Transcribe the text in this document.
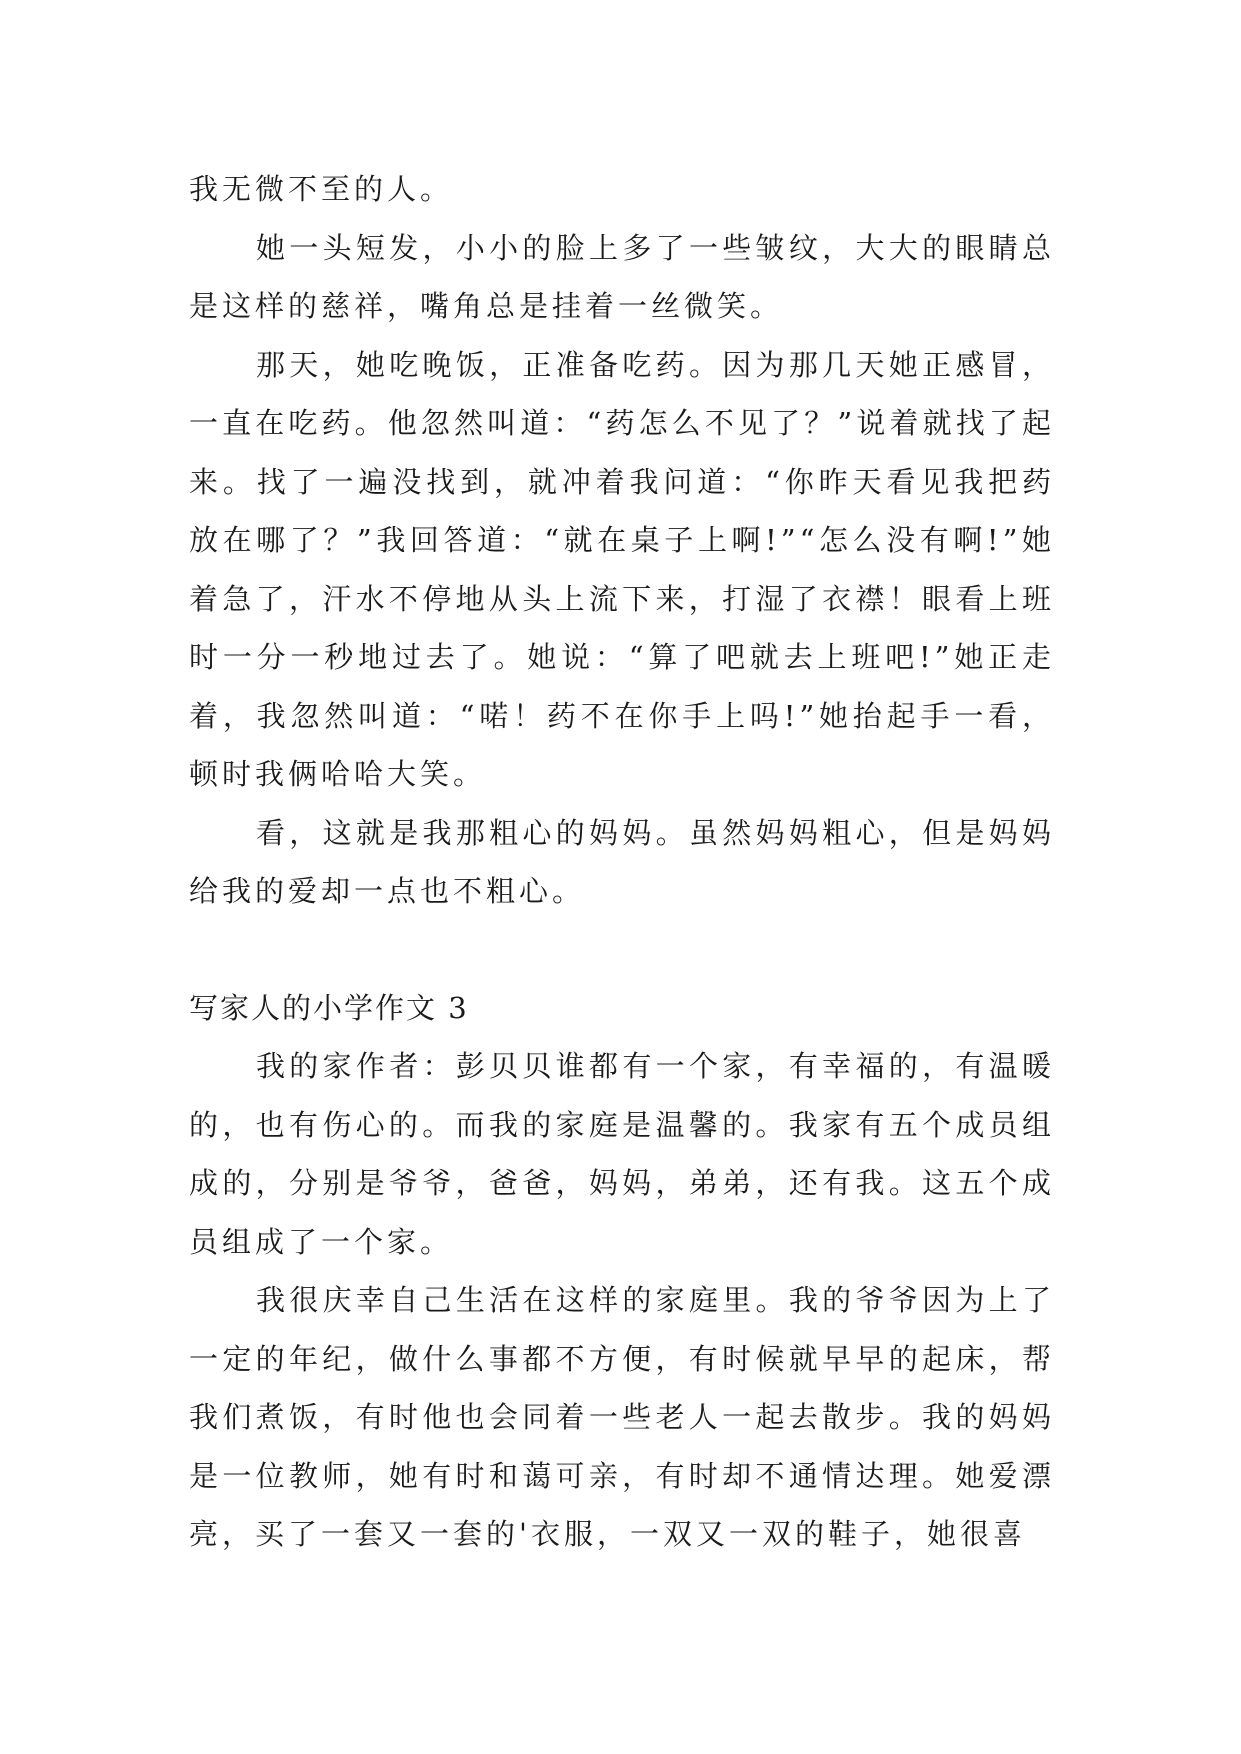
我无微不至的人。

她一头短发，小小的脸上多了一些皱纹，大大的眼睛总是这样的慈祥，嘴角总是挂着一丝微笑。

那天，她吃晚饭，正准备吃药。因为那几天她正感冒，一直在吃药。他忽然叫道：“药怎么不见了？”说着就找了起来。找了一遍没找到，就冲着我问道：“你昨天看见我把药放在哪了？”我回答道：“就在桌子上啊!”“怎么没有啊!”她着急了，汗水不停地从头上流下来，打湿了衣襟！眼看上班时一分一秒地过去了。她说：“算了吧就去上班吧!”她正走着，我忽然叫道：“喏！药不在你手上吗!”她抬起手一看，顿时我俩哈哈大笑。

看，这就是我那粗心的妈妈。虽然妈妈粗心，但是妈妈给我的爱却一点也不粗心。

写家人的小学作文 3

我的家作者：彭贝贝谁都有一个家，有幸福的，有温暖的，也有伤心的。而我的家庭是温馨的。我家有五个成员组成的，分别是爷爷，爸爸，妈妈，弟弟，还有我。这五个成员组成了一个家。

我很庆幸自己生活在这样的家庭里。我的爷爷因为上了一定的年纪，做什么事都不方便，有时候就早早的起床，帮我们煮饭，有时他也会同着一些老人一起去散步。我的妈妈是一位教师，她有时和蔼可亲，有时却不通情达理。她爱漂亮，买了一套又一套的'衣服，一双又一双的鞋子，她很喜
